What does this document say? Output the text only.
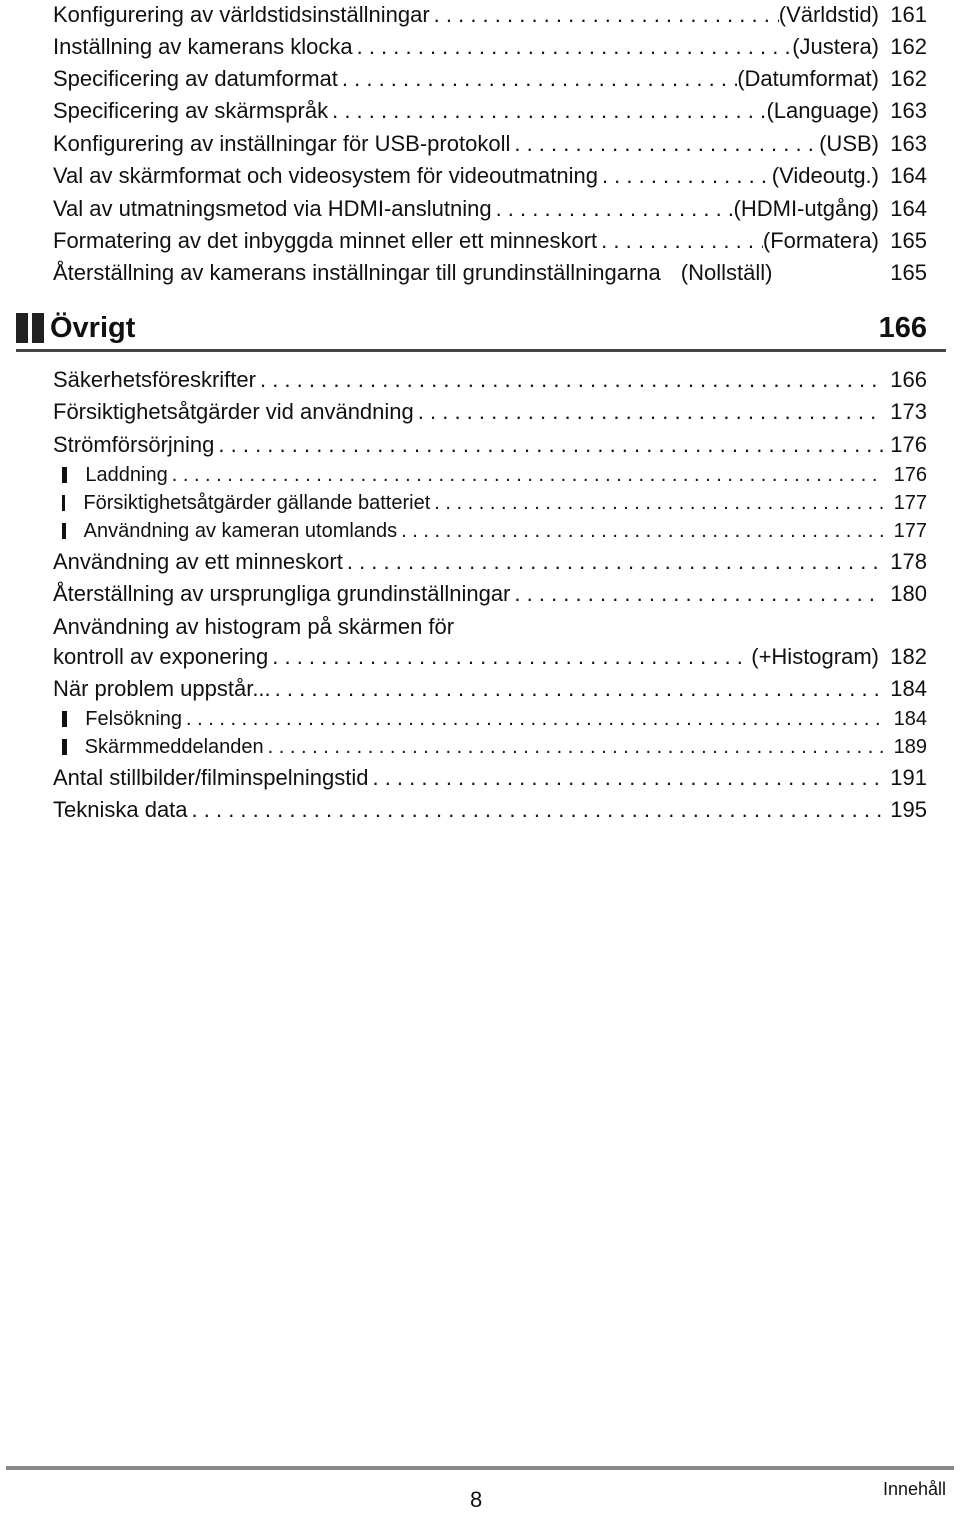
Konfigurering av världstidsinställningar . . .	(Världstid) 161
Inställning av kamerans klocka . . .	(Justera) 162
Specificering av datumformat . . .	(Datumformat) 162
Specificering av skärmspråk . . .	(Language) 163
Konfigurering av inställningar för USB-protokoll . . .	(USB) 163
Val av skärmformat och videosystem för videoutmatning . . .	(Videoutg.) 164
Val av utmatningsmetod via HDMI-anslutning . . .	(HDMI-utgång) 164
Formatering av det inbyggda minnet eller ett minneskort . . .	(Formatera) 165
Återställning av kamerans inställningar till grundinställningarna (Nollställ)	165
Övrigt	166
Säkerhetsföreskrifter . . .	166
Försiktighetsåtgärder vid användning . . .	173
Strömförsörjning . . .	176
Laddning . . .	176
Försiktighetsåtgärder gällande batteriet . . .	177
Användning av kameran utomlands . . .	177
Användning av ett minneskort . . .	178
Återställning av ursprungliga grundinställningar . . .	180
Användning av histogram på skärmen för
kontroll av exponering . . .	(+Histogram) 182
När problem uppstår... . . .	184
Felsökning . . .	184
Skärmmeddelanden . . .	189
Antal stillbilder/filminspelningstid . . .	191
Tekniska data . . .	195
8	Innehåll
